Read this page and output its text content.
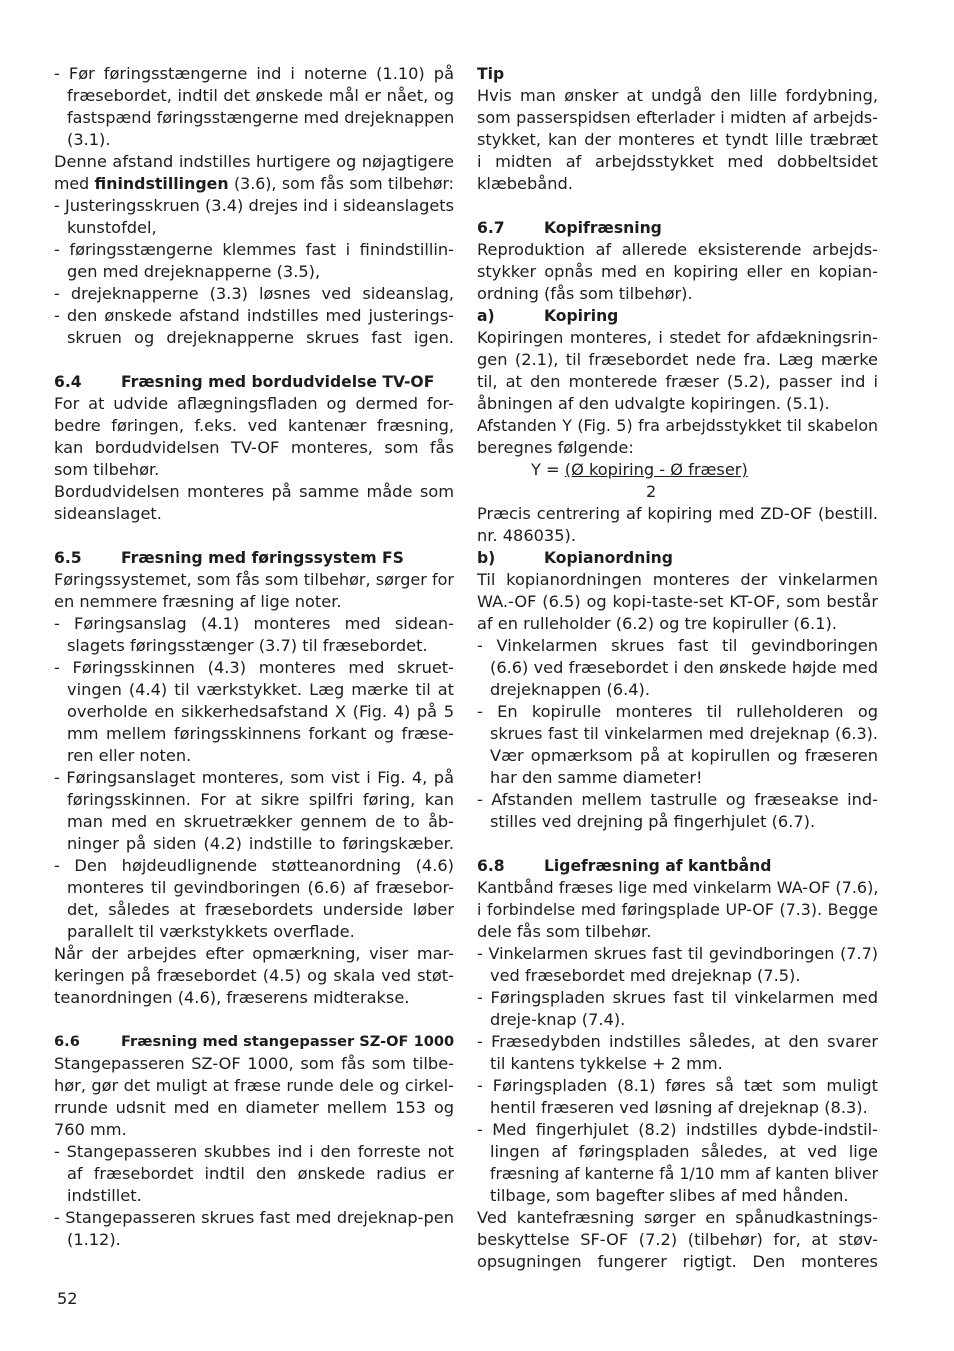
- Før føringsstængerne ind i noterne (1.10) på
fræsebordet, indtil det ønskede mål er nået, og
fastspænd føringsstængerne med drejeknappen
(3.1).
Denne afstand indstilles hurtigere og nøjagtigere
med finindstillingen (3.6), som fås som tilbehør:
- Justeringsskruen (3.4) drejes ind i sideanslagets
kunstofdel,
- føringsstængerne klemmes fast i finindstillin-
gen med drejeknapperne (3.5),
- drejeknapperne (3.3) løsnes ved sideanslag,
- den ønskede afstand indstilles med justerings-
skruen og drejeknapperne skrues fast igen.
6.4	Fræsning med bordudvidelse TV-OF
For at udvide aflægningsfladen og dermed for-
bedre føringen, f.eks. ved kantenær fræsning,
kan bordudvidelsen TV-OF monteres, som fås
som tilbehør.
Bordudvidelsen monteres på samme måde som
sideanslaget.
6.5	Fræsning med føringssystem FS
Føringssystemet, som fås som tilbehør, sørger for
en nemmere fræsning af lige noter.
- Føringsanslag (4.1) monteres med sidean-
slagets føringsstænger (3.7) til fræsebordet.
- Føringsskinnen (4.3) monteres med skruet-
vingen (4.4) til værkstykket. Læg mærke til at
overholde en sikkerhedsafstand X (Fig. 4) på 5
mm mellem føringsskinnens forkant og fræse-
ren eller noten.
- Føringsanslaget monteres, som vist i Fig. 4, på
føringsskinnen. For at sikre spilfri føring, kan
man med en skruetrækker gennem de to åb-
ninger på siden (4.2) indstille to føringskæber.
- Den højdeudlignende støtteanordning (4.6)
monteres til gevindboringen (6.6) af fræsebor-
det, således at fræsebordets underside løber
parallelt til værkstykkets overflade.
Når der arbejdes efter opmærkning, viser mar-
keringen på fræsebordet (4.5) og skala ved støt-
teanordningen (4.6), fræserens midterakse.
6.6	Fræsning med stangepasser SZ-OF 1000
Stangepasseren SZ-OF 1000, som fås som tilbe-
hør, gør det muligt at fræse runde dele og cirkel-
rrunde udsnit med en diameter mellem 153 og
760 mm.
- Stangepasseren skubbes ind i den forreste not
af fræsebordet indtil den ønskede radius er
indstillet.
- Stangepasseren skrues fast med drejeknap-pen
(1.12).
Tip
Hvis man ønsker at undgå den lille fordybning,
som passerspidsen efterlader i midten af arbejds-
stykket, kan der monteres et tyndt lille træbræt
i midten af arbejdsstykket med dobbeltsidet
klæbebånd.
6.7	Kopifræsning
Reproduktion af allerede eksisterende arbejds-
stykker opnås med en kopiring eller en kopian-
ordning (fås som tilbehør).
a)	Kopiring
Kopiringen monteres, i stedet for afdækningsrin-
gen (2.1), til fræsebordet nede fra. Læg mærke
til, at den monterede fræser (5.2), passer ind i
åbningen af den udvalgte kopiringen. (5.1).
Afstanden Y (Fig. 5) fra arbejdsstykket til skabelon
beregnes følgende:
Y = (Ø kopiring - Ø fræser)
2
Præcis centrering af kopiring med ZD-OF (bestill.
nr. 486035).
b)	Kopianordning
Til kopianordningen monteres der vinkelarmen
WA.-OF (6.5) og kopi-taste-set KT-OF, som består
af en rulleholder (6.2) og tre kopiruller (6.1).
- Vinkelarmen skrues fast til gevindboringen
(6.6) ved fræsebordet i den ønskede højde med
drejeknappen (6.4).
- En kopirulle monteres til rulleholderen og
skrues fast til vinkelarmen med drejeknap (6.3).
Vær opmærksom på at kopirullen og fræseren
har den samme diameter!
- Afstanden mellem tastrulle og fræseakse ind-
stilles ved drejning på fingerhjulet (6.7).
6.8	Ligefræsning af kantbånd
Kantbånd fræses lige med vinkelarm WA-OF (7.6),
i forbindelse med føringsplade UP-OF (7.3). Begge
dele fås som tilbehør.
- Vinkelarmen skrues fast til gevindboringen (7.7)
ved fræsebordet med drejeknap (7.5).
- Føringspladen skrues fast til vinkelarmen med
dreje-knap (7.4).
- Fræsedybden indstilles således, at den svarer
til kantens tykkelse + 2 mm.
- Føringspladen (8.1) føres så tæt som muligt
hentil fræseren ved løsning af drejeknap (8.3).
- Med fingerhjulet (8.2) indstilles dybde-indstil-
lingen af føringspladen således, at ved lige
fræsning af kanterne få 1/10 mm af kanten bliver
tilbage, som bagefter slibes af med hånden.
Ved kantefræsning sørger en spånudkastnings-
beskyttelse SF-OF (7.2) (tilbehør) for, at støv-
opsugningen fungerer rigtigt. Den monteres
52
